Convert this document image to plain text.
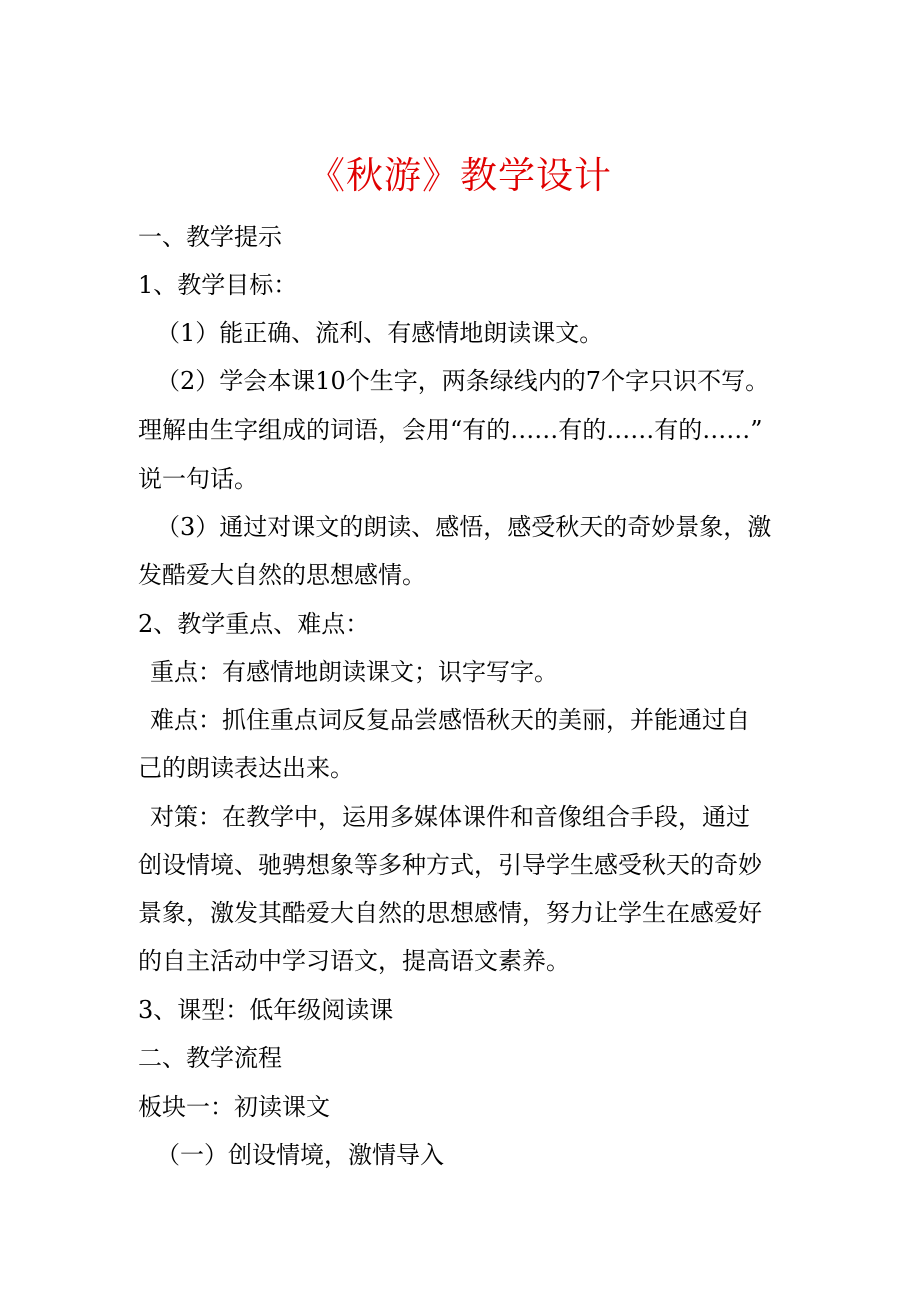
《秋游》教学设计
一、教学提示
1、教学目标：
（1）能正确、流利、有感情地朗读课文。
（2）学会本课10个生字，两条绿线内的7个字只识不写。
理解由生字组成的词语，会用“有的……有的……有的……”
说一句话。
（3）通过对课文的朗读、感悟，感受秋天的奇妙景象，激
发酷爱大自然的思想感情。
2、教学重点、难点：
重点：有感情地朗读课文；识字写字。
难点：抓住重点词反复品尝感悟秋天的美丽，并能通过自
己的朗读表达出来。
对策：在教学中，运用多媒体课件和音像组合手段，通过
创设情境、驰骋想象等多种方式，引导学生感受秋天的奇妙
景象，激发其酷爱大自然的思想感情，努力让学生在感爱好
的自主活动中学习语文，提高语文素养。
3、课型：低年级阅读课
二、教学流程
板块一：初读课文
（一）创设情境，激情导入
